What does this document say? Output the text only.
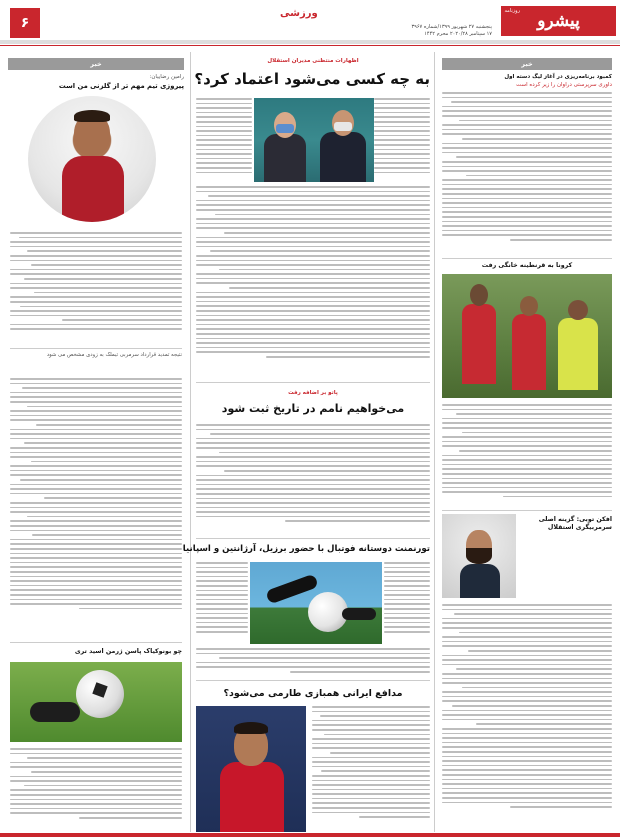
پیشرو
روزنامه
ورزشی
پنجشنبه ۲۷ شهریور ۱۳۹۹/شماره ۳۹۶۷
۱۷ سپتامبر ۲۰۲۰/۲۸ محرم ۱۴۴۲
۶
خبر
رامین رضاییان:
پیروزی تیم مهم تر از گلزنی من است
نتیجه تمدید قرارداد سرمربی تیملک به زودی مشخص می شود
چو بونوکیاک پاسن ژرمن اسید تری
خبر
کمبود برنامه‌ریزی در آغاز لیگ دسته اول
داوری سرپرستی دراوان را زیر کرده است
کرونا به قرنطینه خانگی رفت
افکن توبی: گزینه اصلی سرمربیگری استقلال
اظهارات منتظنی مدیران استقلال
به چه کسی می‌شود اعتماد کرد؟
پاتو بر اضافه رفت
می‌خواهیم نامم در تاریخ ثبت شود
تورنمنت دوستانه فوتبال با حضور برزیل، آرژانتین و اسپانیا
مدافع ایرانی همبازی طارمی می‌شود؟
